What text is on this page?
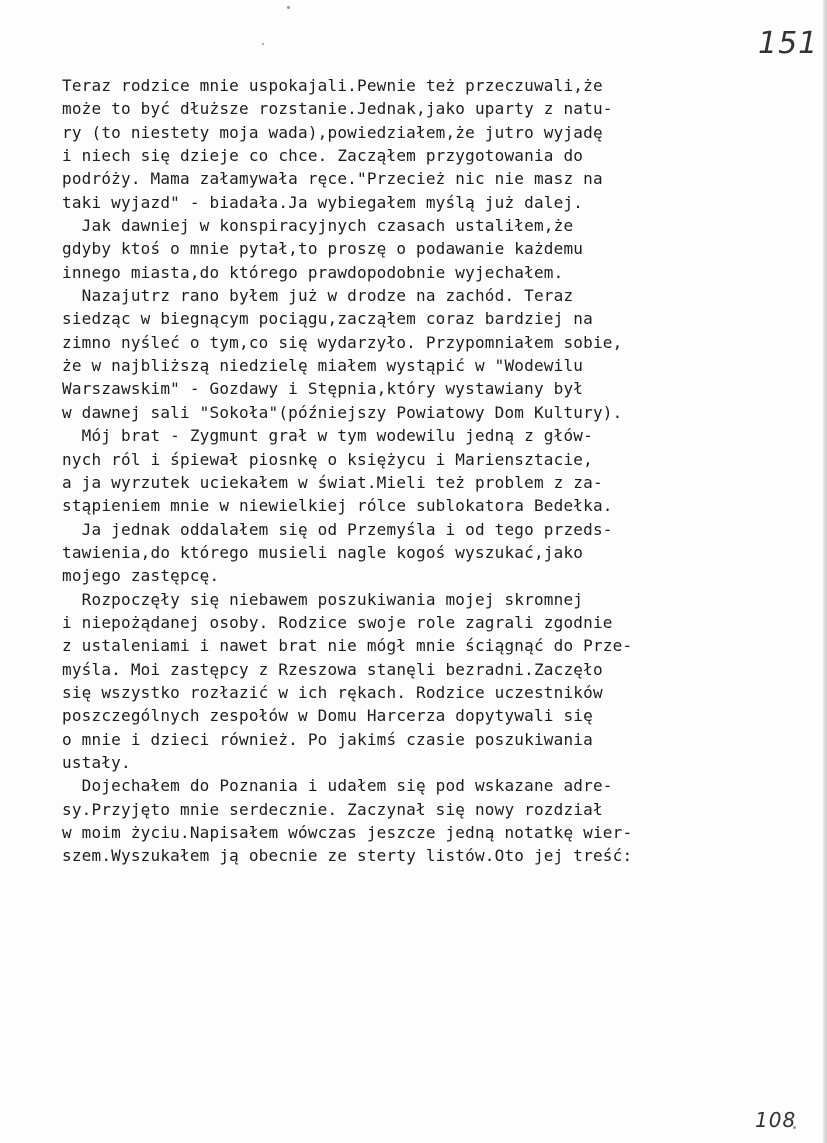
151
Teraz rodzice mnie uspokajali.Pewnie też przeczuwali,że
może to być dłuższe rozstanie.Jednak,jako uparty z natu-
ry (to niestety moja wada),powiedziałem,że jutro wyjadę
i niech się dzieje co chce. Zacząłem przygotowania do
podróży. Mama załamywała ręce."Przecież nic nie masz na
taki wyjazd" - biadała.Ja wybiegałem myślą już dalej.
Jak dawniej w konspiracyjnych czasach ustaliłem,że
gdyby ktoś o mnie pytał,to proszę o podawanie każdemu
innego miasta,do którego prawdopodobnie wyjechałem.
Nazajutrz rano byłem już w drodze na zachód. Teraz
siedząc w biegnącym pociągu,zacząłem coraz bardziej na
zimno nyśleć o tym,co się wydarzyło. Przypomniałem sobie,
że w najbliższą niedzielę miałem wystąpić w "Wodewilu
Warszawskim" - Gozdawy i Stępnia,który wystawiany był
w dawnej sali "Sokoła"(późniejszy Powiatowy Dom Kultury).
Mój brat - Zygmunt grał w tym wodewilu jedną z głów-
nych ról i śpiewał piosnkę o księżycu i Mariensztacie,
a ja wyrzutek uciekałem w świat.Mieli też problem z za-
stąpieniem mnie w niewielkiej rólce sublokatora Bedełka.
Ja jednak oddalałem się od Przemyśla i od tego przeds-
tawienia,do którego musieli nagle kogoś wyszukać,jako
mojego zastępcę.
Rozpoczęły się niebawem poszukiwania mojej skromnej
i niepożądanej osoby. Rodzice swoje role zagrali zgodnie
z ustaleniami i nawet brat nie mógł mnie ściągnąć do Prze-
myśla. Moi zastępcy z Rzeszowa stanęli bezradni.Zaczęło
się wszystko rozłazić w ich rękach. Rodzice uczestników
poszczególnych zespołów w Domu Harcerza dopytywali się
o mnie i dzieci również. Po jakimś czasie poszukiwania
ustały.
Dojechałem do Poznania i udałem się pod wskazane adre-
sy.Przyjęto mnie serdecznie. Zaczynał się nowy rozdział
w moim życiu.Napisałem wówczas jeszcze jedną notatkę wier-
szem.Wyszukałem ją obecnie ze sterty listów.Oto jej treść:
108
